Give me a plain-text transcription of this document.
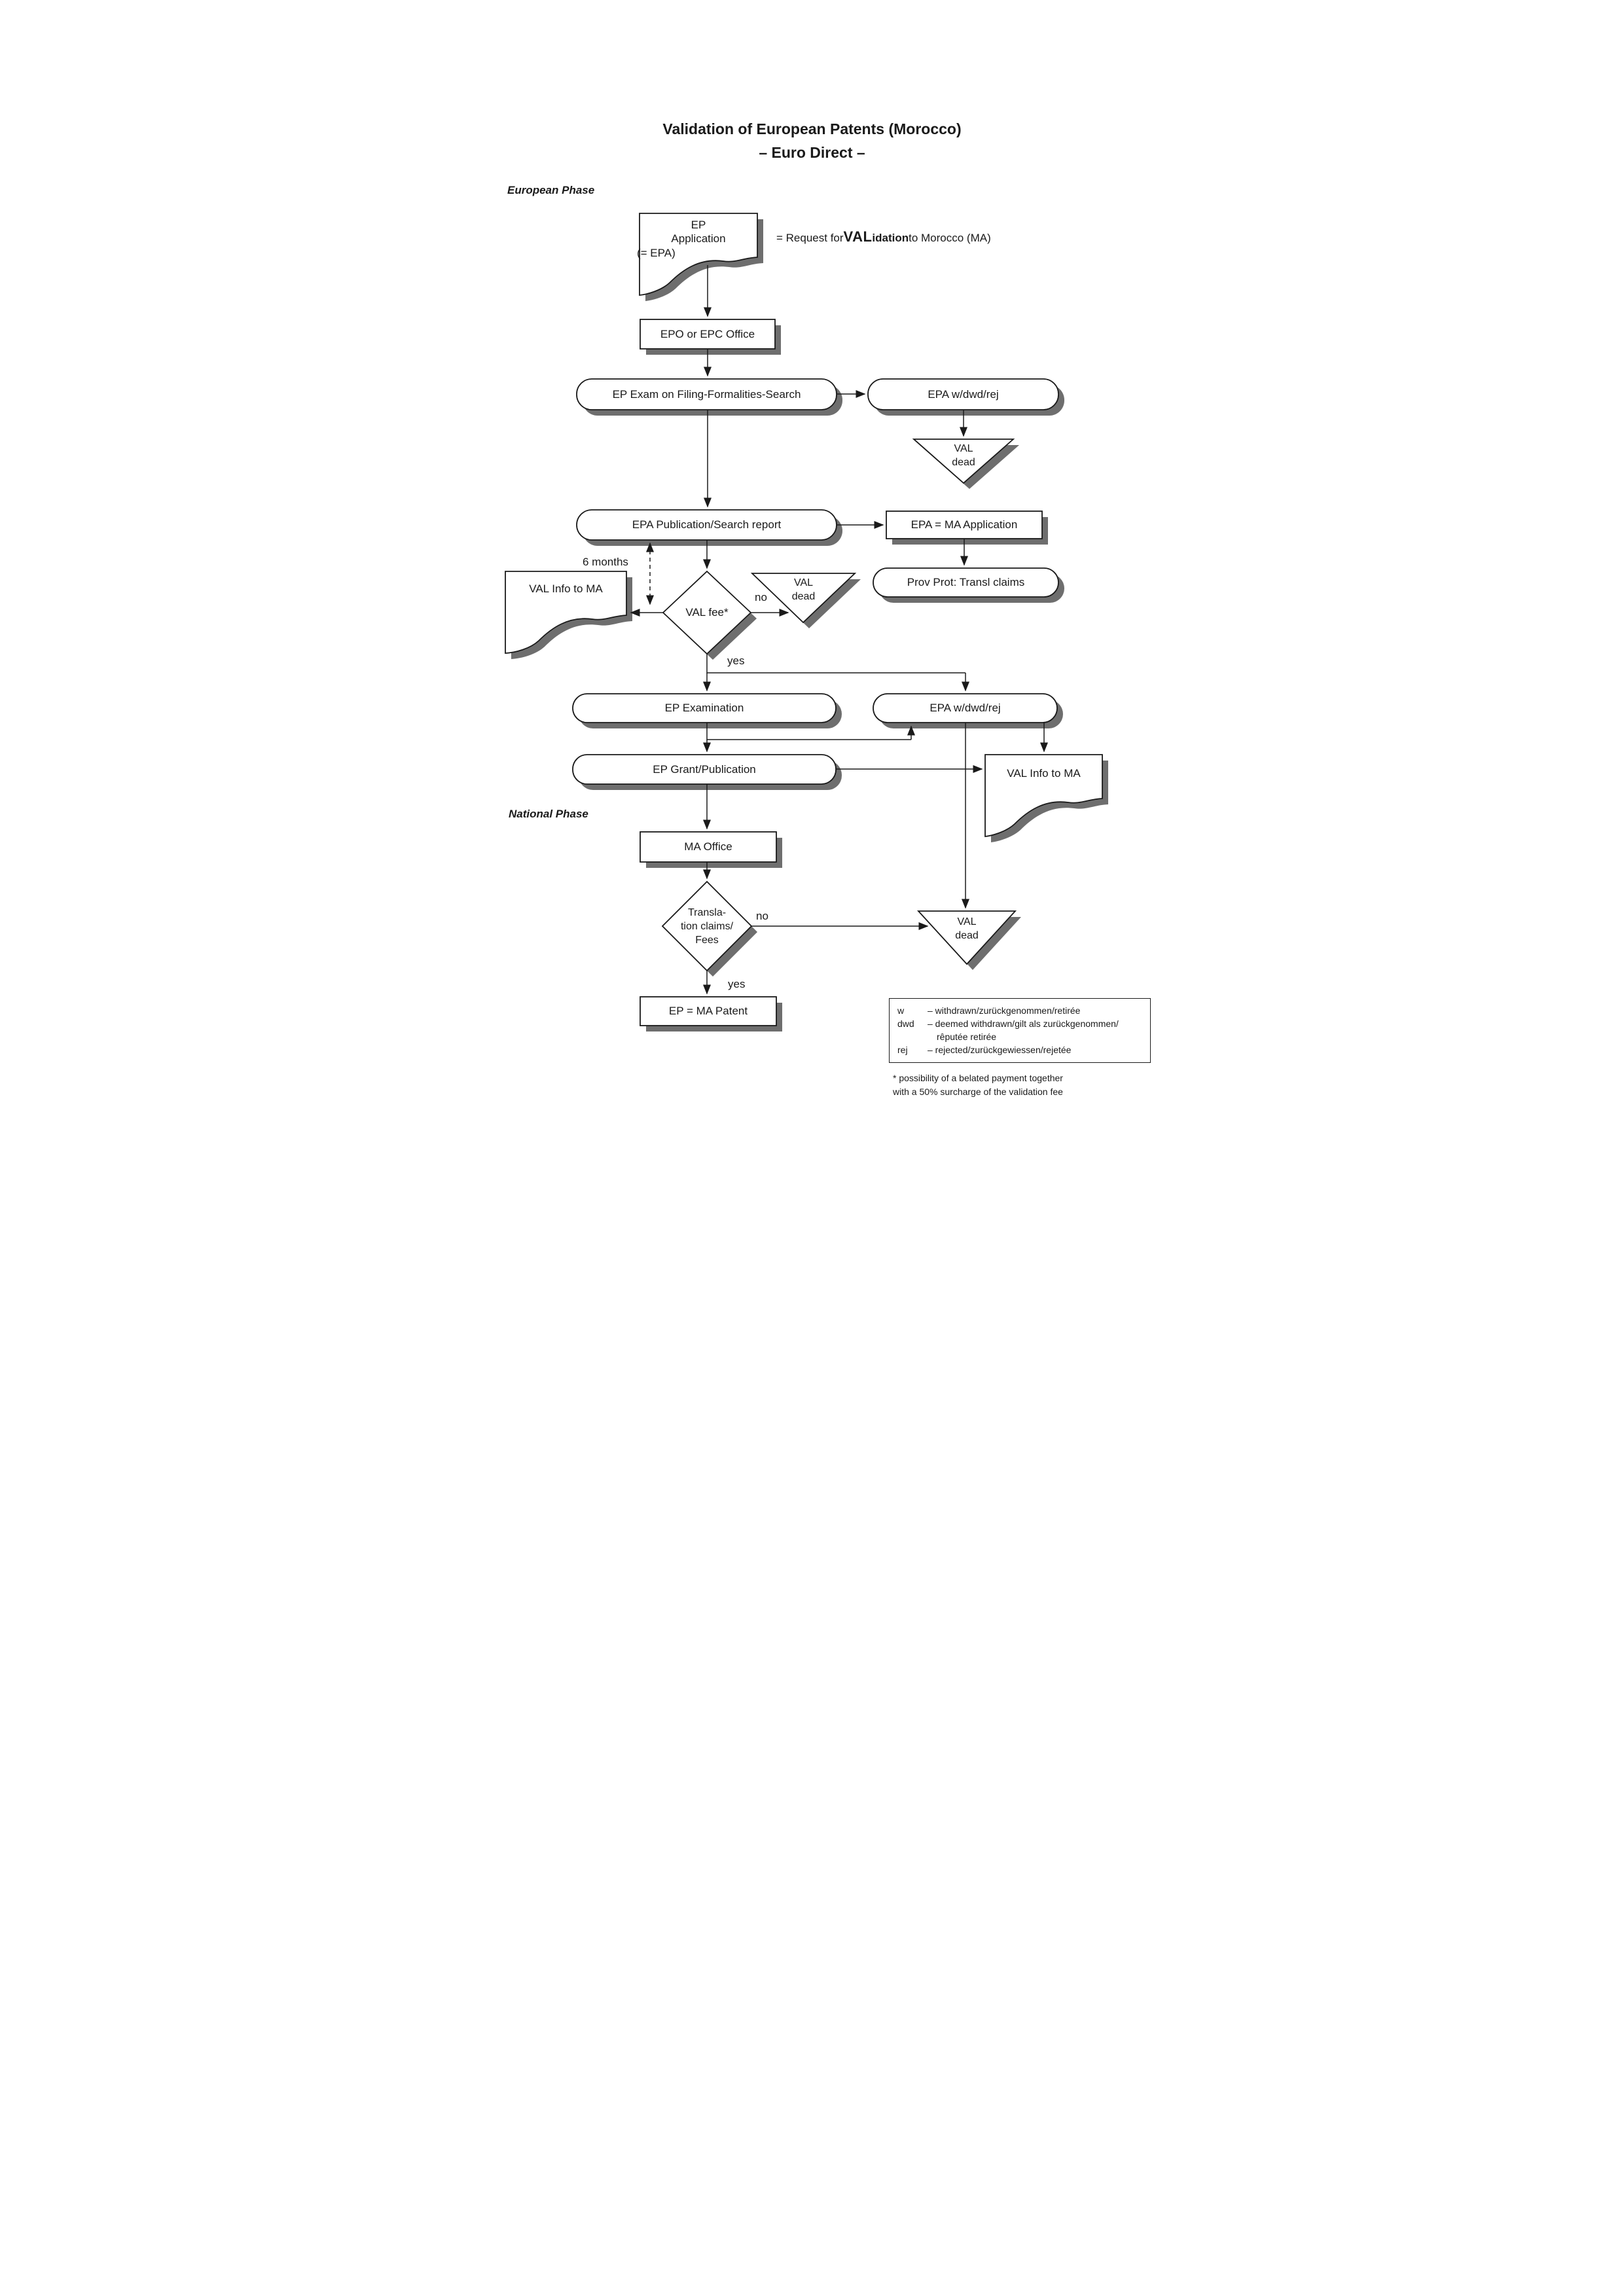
Validation of European Patents (Morocco)
– Euro Direct –
European Phase
National Phase
EP
Application
(= EPA)
= Request for VAL idation to Morocco (MA)
EPO or EPC Office
EP Exam on Filing-Formalities-Search	EPA w/dwd/rej
VAL
dead
EPA Publication/Search report	EPA = MA Application
Prov Prot: Transl claims
VAL fee*
VAL Info to MA	VAL
dead
6 months
no
yes
EP Examination	EPA w/dwd/rej
EP Grant/Publication	VAL Info to MA
MA Office
Transla-
tion claims/
Fees
VAL
dead
no
yes
EP = MA Patent	w	– withdrawn/zurückgenommen/retirée
dwd	– deemed withdrawn/gilt als zurückgenommen/
rêputée retirée
rej	– rejected/zurückgewiessen/rejetée
* possibility of a belated payment together
with a 50% surcharge of the validation fee
